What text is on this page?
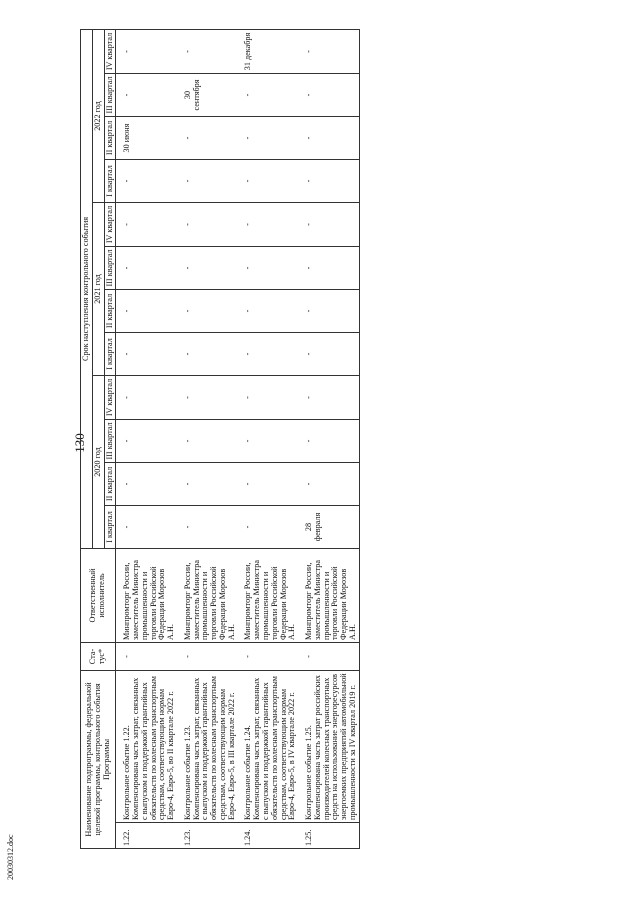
130
20030312.doc
Наименование подпрограммы, федеральной целевой программы, контрольного события Программы		Ста-тус*	Ответственный исполнитель	Срок наступления контрольного события											
				2020 год				2021 год				2022 год			
				I квартал	II квартал	III квартал	IV квартал	I квартал	II квартал	III квартал	IV квартал	I квартал	II квартал	III квартал	IV квартал
1.22.	Контрольное событие 1.22. Компенсирована часть затрат, связанных с выпуском и поддержкой гарантийных обязательств по колесным транспортным средствам, соответствующим нормам Евро-4, Евро-5, во II квартале 2022 г.	-	Минпромторг России, заместитель Министра промышленности и торговли Российской Федерации Морозов А.Н.	-	-	-	-	-	-	-	-	-	30 июня	-	-
1.23.	Контрольное событие 1.23. Компенсирована часть затрат, связанных с выпуском и поддержкой гарантийных обязательств по колесным транспортным средствам, соответствующим нормам Евро-4, Евро-5, в III квартале 2022 г.	-	Минпромторг России, заместитель Министра промышленности и торговли Российской Федерации Морозов А.Н.	-	-	-	-	-	-	-	-	-	-	30 сентября	-
1.24.	Контрольное событие 1.24. Компенсирована часть затрат, связанных с выпуском и поддержкой гарантийных обязательств по колесным транспортным средствам, соответствующим нормам Евро-4, Евро-5, в IV квартале 2022 г.	-	Минпромторг России, заместитель Министра промышленности и торговли Российской Федерации Морозов А.Н.	-	-	-	-	-	-	-	-	-	-	-	31 декабря
1.25.	Контрольное событие 1.25. Компенсирована часть затрат российских производителей колесных транспортных средств на использование энергоресурсов энергоемких предприятий автомобильной промышленности за IV квартал 2019 г.	-	Минпромторг России, заместитель Министра промышленности и торговли Российской Федерации Морозов А.Н.	28 февраля	-	-	-	-	-	-	-	-	-	-	-
